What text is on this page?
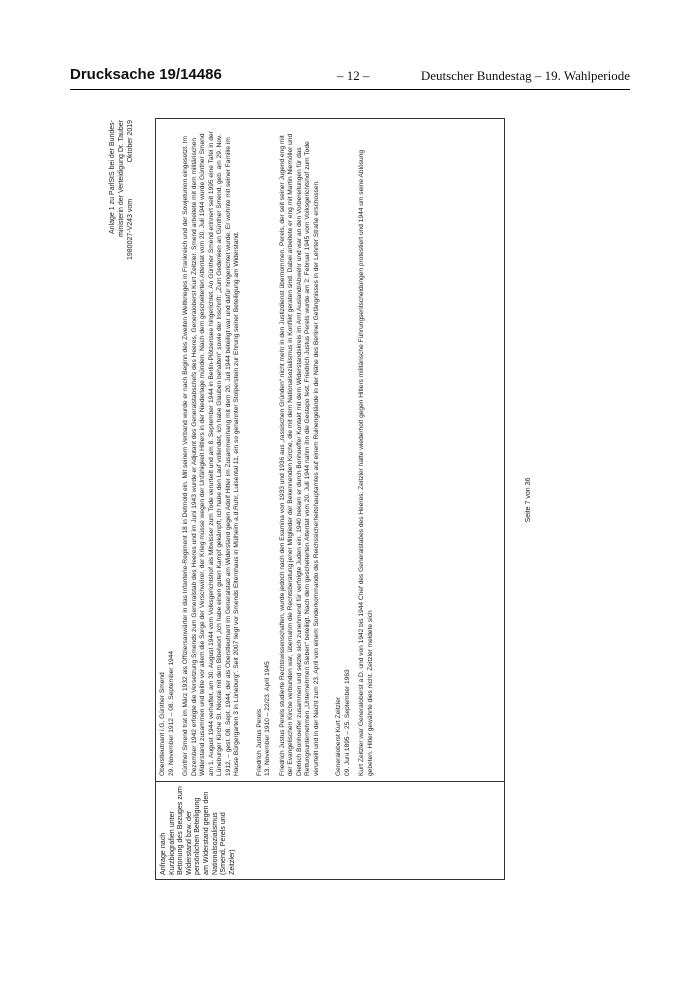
Drucksache 19/14486	– 12 –	Deutscher Bundestag – 19. Wahlperiode
Anlage 1 zu ParlStS bei der Bundes- ministerin der Verteidigung Dr. Tauber 1980027-V243 vom
Oktober 2019
Anfrage nach Kurzbiografien unter Betonung des Bezuges zum Widerstand bzw. der persönlichen Beteiligung am Widerstand gegen den Nationalsozialismus (Smend, Perels und Zeitzler)
Oberstleutnant i.G. Günther Smend 29. November 1912 – 08. September 1944 Günther Smend trat im März 1932 als Offiziersanwärter in das Infanterie-Regiment 18 in Detmold ein. Mit seinem Verband wurde er nach Beginn des Zweiten Weltkrieges in Frankreich und der Sowjetunion eingesetzt. Im Dezember 1942 erfolgte die Versetzung Smends zum Generalstab des Heeres und im Juni 1943 wurde er Adjutant des Generalstabschefs des Heeres, Generaloberst Kurt Zeitzler. Smend arbeitete mit dem militärischen Widerstand zusammen und teilte vor allem die Sorge der Verschwörer, der Krieg müsse wegen der Unfähigkeit Hitlers in der Niederlage münden. Nach dem gescheiterten Attentat vom 20. Juli 1944 wurde Günther Smend am 1. August 1944 verhaftet, am 30. August 1944 vom Volksgerichtshof als Mitwisser zum Tode verurteilt und am 8. September 1944 in Berlin-Plötzensee hingerichtet. An Günther Smend erinnert seit 1995 eine Tafel in der Lüneburger Kirche St. Nicolai mit dem Bibelwort „Ich habe einen guten Kampf gekämpft, ich habe den Lauf vollendet, ich habe Glauben behalten“ sowie der Inschrift: „Zum Gedenken an Günther Smend, geb. am 29. Nov. 1912, – gest. 08. Sept. 1944, der als Oberstleutnant im Generalstab am Widerstand gegen Adolf Hitler im Zusammenhang mit dem 20. Juli 1944 beteiligt war und dafür hingerichtet wurde. Er wohnte mit seiner Familie im Hause Bürgergarten 3 in Lüneburg“. Seit 2007 liegt vor Smends Elternhaus in Mülheim a.d.Ruhr, Luisental 11, ein so genannter Stolperstein zur Ehrung seiner Beteiligung am Widerstand. Friedrich Justus Perels 13. November 1910 – 22/23. April 1945 Friedrich Justus Perels studierte Rechtswissenschaften, wurde jedoch nach den Examina von 1933 und 1936 aus „rassischen Gründen“ nicht mehr in den Justizdienst übernommen. Perels, der seit seiner Jugend eng mit der Evangelischen Kirche verbunden war, übernahm die Rechtsberatung jener Mitglieder der Bekennenden Kirche, die mit dem Nationalsozialismus in Konflikt geraten sind. Dabei arbeitete er eng mit Martin Niemöller und Dietrich Bonhoeffer zusammen und setzte sich zunehmend für verfolgte Juden ein. 1940 bekam er durch Bonhoeffer Kontakt mit dem Widerstandskreis im Amt Ausland/Abwehr und war an den Vorbereitungen für das Rettungsunternehmen „Unternehmen Sieben“ beteiligt. Nach dem gescheiterten Attentat vom 20. Juli 1944 nahm ihn die Gestapo fest. Friedrich Justus Perels wurde am 2. Februar 1945 vom Volksgerichtshof zum Tode verurteilt und in der Nacht zum 23. April von einem Sonderkommando des Reichssicherheitshauptamtes auf einem Ruinengelände in der Nähe des Berliner Gefängnisses in der Lehrter Straße erschossen. Generaloberst Kurt Zeitzler 09. Juni 1895 – 25. September 1963 Kurt Zeitzler war Generaloberst a.D. und von 1942 bis 1944 Chef des Generalstabes des Heeres. Zeitzler hatte wiederholt gegen Hitlers militärische Führungsentscheidungen protestiert und 1944 um seine Ablösung gebeten. Hitler gewährte dies nicht. Zeitzler meldete sich

Seite 7 von 36
